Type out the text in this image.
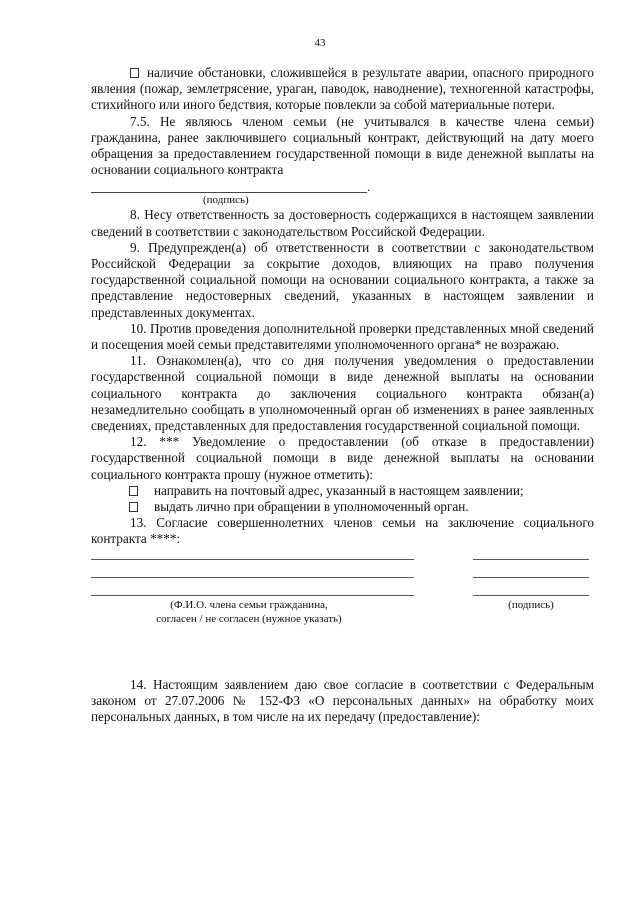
43

наличие обстановки, сложившейся в результате аварии, опасного природного явления (пожар, землетрясение, ураган, паводок, наводнение), техногенной катастрофы, стихийного или иного бедствия, которые повлекли за собой материальные потери.

7.5. Не являюсь членом семьи (не учитывался в качестве члена семьи) гражданина, ранее заключившего социальный контракт, действующий на дату моего обращения за предоставлением государственной помощи в виде денежной выплаты на основании социального контракта

.
(подпись)

8. Несу ответственность за достоверность содержащихся в настоящем заявлении сведений в соответствии с законодательством Российской Федерации.

9. Предупрежден(а) об ответственности в соответствии с законодательством Российской Федерации за сокрытие доходов, влияющих на право получения государственной социальной помощи на основании социального контракта, а также за представление недостоверных сведений, указанных в настоящем заявлении и представленных документах.

10. Против проведения дополнительной проверки представленных мной сведений и посещения моей семьи представителями уполномоченного органа* не возражаю.

11. Ознакомлен(а), что со дня получения уведомления о предоставлении государственной социальной помощи в виде денежной выплаты на основании социального контракта до заключения социального контракта обязан(а) незамедлительно сообщать в уполномоченный орган об изменениях в ранее заявленных сведениях, представленных для предоставления государственной социальной помощи.

12. *** Уведомление о предоставлении (об отказе в предоставлении) государственной социальной помощи в виде денежной выплаты на основании социального контракта прошу (нужное отметить):

направить на почтовый адрес, указанный в настоящем заявлении;

выдать лично при обращении в уполномоченный орган.

13. Согласие совершеннолетних членов семьи на заключение социального контракта ****:

(Ф.И.О. члена семьи гражданина,
согласен / не согласен (нужное указать)
(подпись)

14. Настоящим заявлением даю свое согласие в соответствии с Федеральным законом от 27.07.2006 № 152-ФЗ «О персональных данных» на обработку моих персональных данных, в том числе на их передачу (предоставление):
